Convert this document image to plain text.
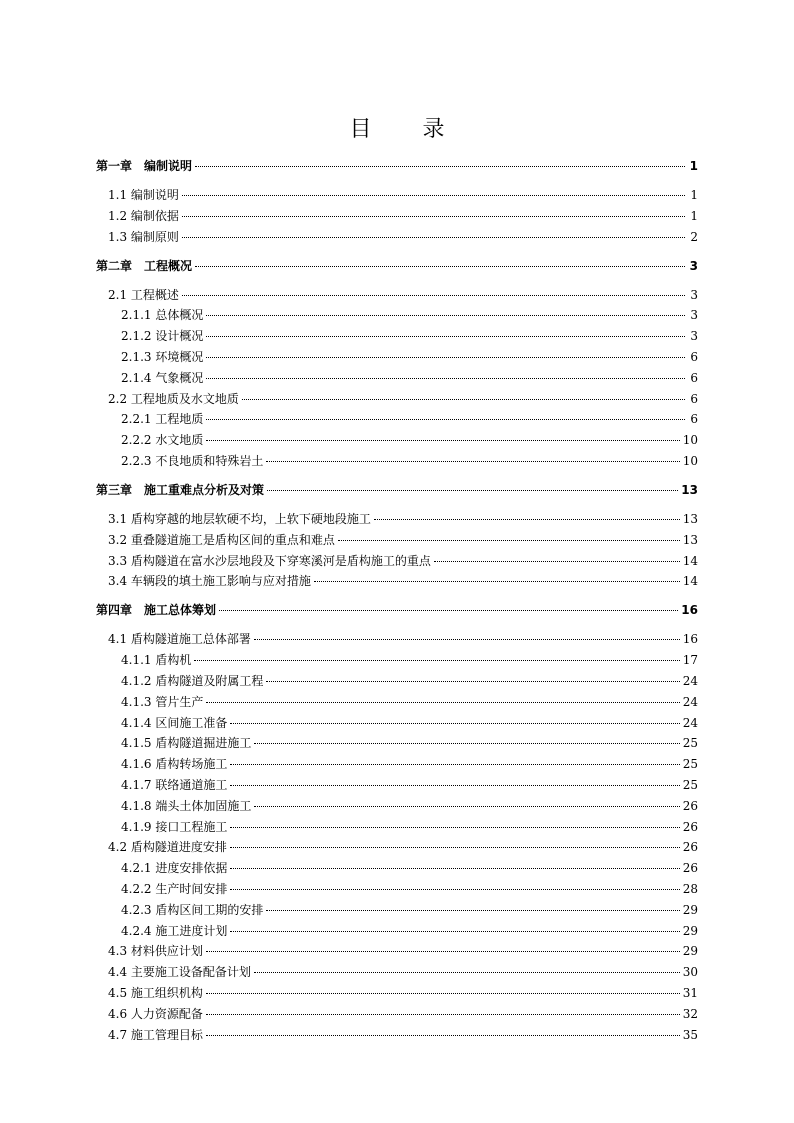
目 录
第一章　编制说明	1
1.1 编制说明	1
1.2 编制依据	1
1.3 编制原则	2
第二章　工程概况	3
2.1 工程概述	3
2.1.1 总体概况	3
2.1.2 设计概况	3
2.1.3 环境概况	6
2.1.4 气象概况	6
2.2 工程地质及水文地质	6
2.2.1 工程地质	6
2.2.2 水文地质	10
2.2.3 不良地质和特殊岩土	10
第三章　施工重难点分析及对策	13
3.1 盾构穿越的地层软硬不均，上软下硬地段施工	13
3.2 重叠隧道施工是盾构区间的重点和难点	13
3.3 盾构隧道在富水沙层地段及下穿寒溪河是盾构施工的重点	14
3.4 车辆段的填土施工影响与应对措施	14
第四章　施工总体筹划	16
4.1 盾构隧道施工总体部署	16
4.1.1 盾构机	17
4.1.2 盾构隧道及附属工程	24
4.1.3 管片生产	24
4.1.4 区间施工准备	24
4.1.5 盾构隧道掘进施工	25
4.1.6 盾构转场施工	25
4.1.7 联络通道施工	25
4.1.8 端头土体加固施工	26
4.1.9 接口工程施工	26
4.2 盾构隧道进度安排	26
4.2.1 进度安排依据	26
4.2.2 生产时间安排	28
4.2.3 盾构区间工期的安排	29
4.2.4 施工进度计划	29
4.3 材料供应计划	29
4.4 主要施工设备配备计划	30
4.5 施工组织机构	31
4.6 人力资源配备	32
4.7 施工管理目标	35
